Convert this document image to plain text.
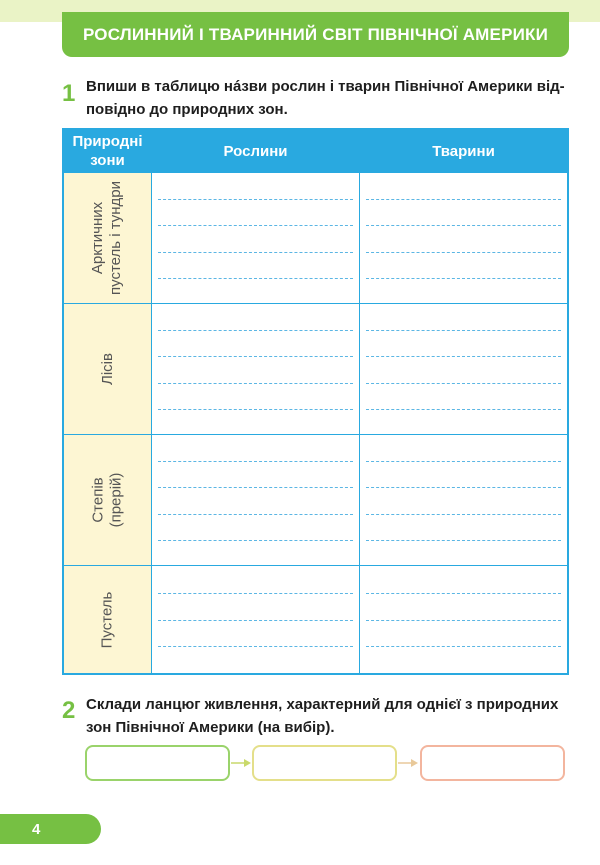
РОСЛИННИЙ І ТВАРИННИЙ СВІТ ПІВНІЧНОЇ АМЕРИКИ
1 Впиши в таблицю нáзви рослин і тварин Північної Америки від-
повідно до природних зон.
Природні
зони
Рослини	Тварини
Арктичних
пустель і тундри
Лісів
Степів
(прерій)
Пустель
2 Склади ланцюг живлення, характерний для однієї з природних
зон Північної Америки (на вибір).
4
